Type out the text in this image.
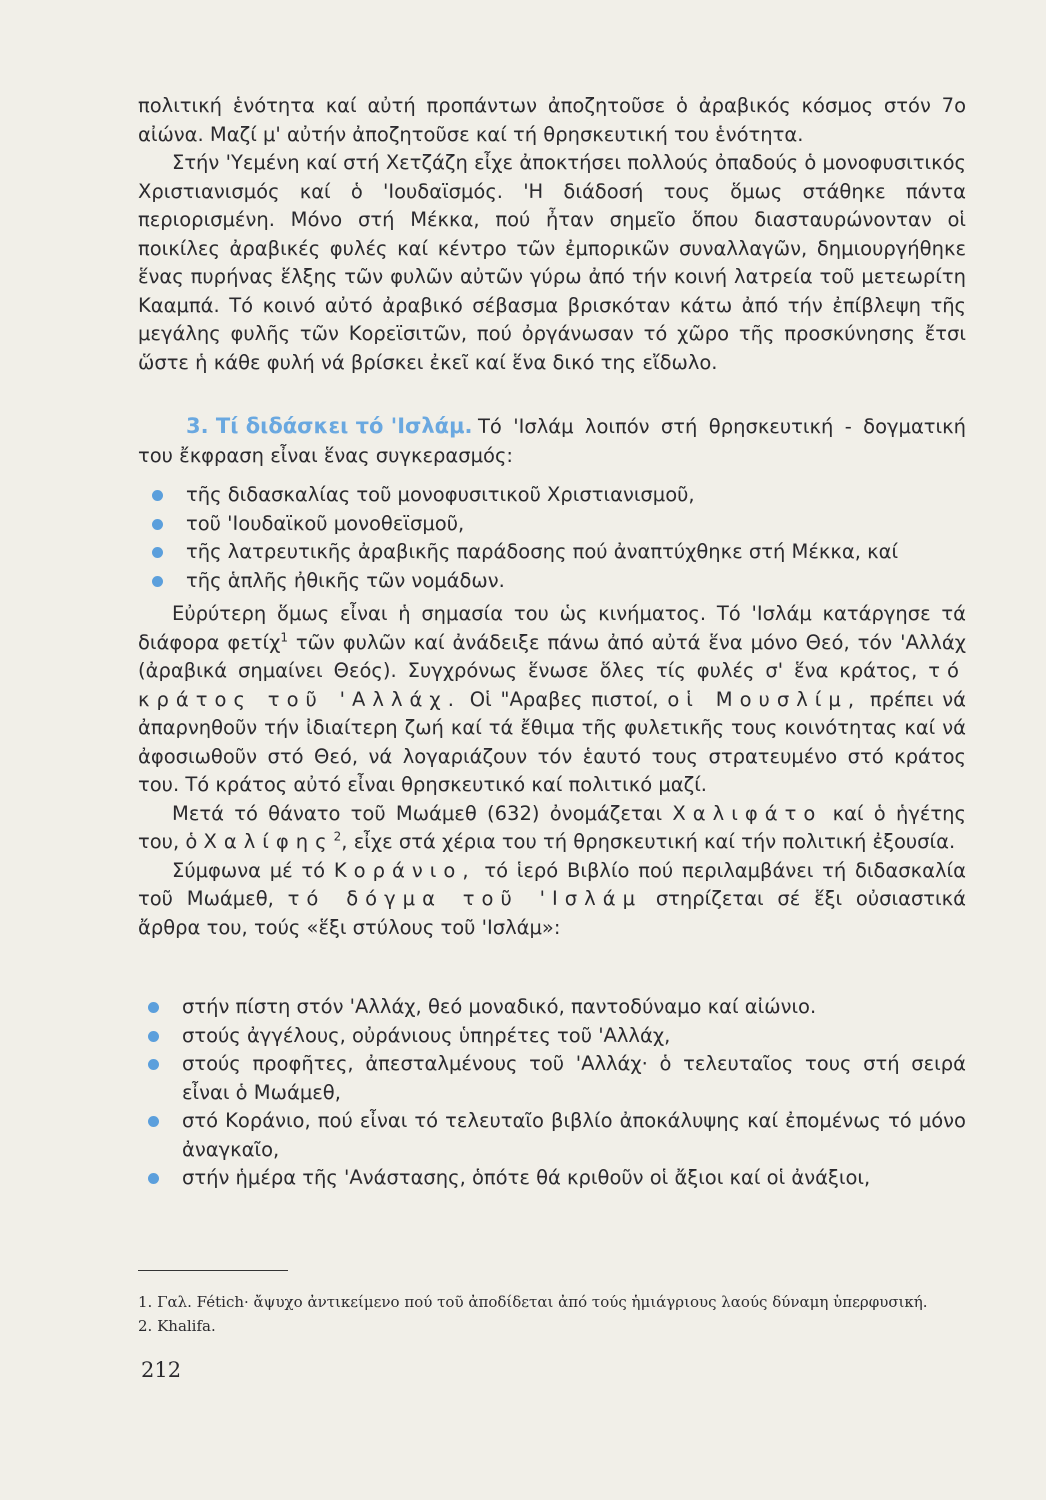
πολιτική ἑνότητα καί αὐτή προπάντων ἀποζητοῦσε ὁ ἀραβικός κόσμος στόν 7ο αἰώνα. Μαζί μ' αὐτήν ἀποζητοῦσε καί τή θρησκευτική του ἑνότητα.

Στήν 'Υεμένη καί στή Χετζάζη εἶχε ἀποκτήσει πολλούς ὀπαδούς ὁ μονοφυσιτικός Χριστιανισμός καί ὁ 'Ιουδαϊσμός. 'Η διάδοσή τους ὅμως στάθηκε πάντα περιορισμένη. Μόνο στή Μέκκα, πού ἦταν σημεῖο ὅπου διασταυρώνονταν οἱ ποικίλες ἀραβικές φυλές καί κέντρο τῶν ἐμπορικῶν συναλλαγῶν, δημιουργήθηκε ἕνας πυρήνας ἕλξης τῶν φυλῶν αὐτῶν γύρω ἀπό τήν κοινή λατρεία τοῦ μετεωρίτη Κααμπά. Τό κοινό αὐτό ἀραβικό σέβασμα βρισκόταν κάτω ἀπό τήν ἐπίβλεψη τῆς μεγάλης φυλῆς τῶν Κορεϊσιτῶν, πού ὀργάνωσαν τό χῶρο τῆς προσκύνησης ἔτσι ὥστε ἡ κάθε φυλή νά βρίσκει ἐκεῖ καί ἕνα δικό της εἴδωλο.

3. Τί διδάσκει τό 'Ισλάμ. Τό 'Ισλάμ λοιπόν στή θρησκευτική - δογματική του ἔκφραση εἶναι ἕνας συγκερασμός:

τῆς διδασκαλίας τοῦ μονοφυσιτικοῦ Χριστιανισμοῦ,
τοῦ 'Ιουδαϊκοῦ μονοθεϊσμοῦ,
τῆς λατρευτικῆς ἀραβικῆς παράδοσης πού ἀναπτύχθηκε στή Μέκκα, καί
τῆς ἁπλῆς ἠθικῆς τῶν νομάδων.

Εὐρύτερη ὅμως εἶναι ἡ σημασία του ὡς κινήματος. Τό 'Ισλάμ κατάργησε τά διάφορα φετίχ$^1$ τῶν φυλῶν καί ἀνάδειξε πάνω ἀπό αὐτά ἕνα μόνο Θεό, τόν 'Αλλάχ (ἀραβικά σημαίνει Θεός). Συγχρόνως ἕνωσε ὅλες τίς φυλές σ' ἕνα κράτος, τό κράτος τοῦ 'Αλλάχ. Οἱ "Αραβες πιστοί, οἱ Μουσλίμ, πρέπει νά ἀπαρνηθοῦν τήν ἰδιαίτερη ζωή καί τά ἔθιμα τῆς φυλετικῆς τους κοινότητας καί νά ἀφοσιωθοῦν στό Θεό, νά λογαριάζουν τόν ἑαυτό τους στρατευμένο στό κράτος του. Τό κράτος αὐτό εἶναι θρησκευτικό καί πολιτικό μαζί.

Μετά τό θάνατο τοῦ Μωάμεθ (632) ὀνομάζεται Χαλιφάτο καί ὁ ἡγέτης του, ὁ Χαλίφης$^2$, εἶχε στά χέρια του τή θρησκευτική καί τήν πολιτική ἐξουσία.

Σύμφωνα μέ τό Κοράνιο, τό ἱερό Βιβλίο πού περιλαμβάνει τή διδασκαλία τοῦ Μωάμεθ, τό δόγμα τοῦ 'Ισλάμ στηρίζεται σέ ἕξι οὐσιαστικά ἄρθρα του, τούς «ἕξι στύλους τοῦ 'Ισλάμ»:

στήν πίστη στόν 'Αλλάχ, θεό μοναδικό, παντοδύναμο καί αἰώνιο.
στούς ἀγγέλους, οὐράνιους ὑπηρέτες τοῦ 'Αλλάχ,
στούς προφῆτες, ἀπεσταλμένους τοῦ 'Αλλάχ· ὁ τελευταῖος τους στή σειρά εἶναι ὁ Μωάμεθ,
στό Κοράνιο, πού εἶναι τό τελευταῖο βιβλίο ἀποκάλυψης καί ἐπομένως τό μόνο ἀναγκαῖο,
στήν ἡμέρα τῆς 'Ανάστασης, ὁπότε θά κριθοῦν οἱ ἄξιοι καί οἱ ἀνάξιοι,

1. Γαλ. Fétich· ἄψυχο ἀντικείμενο πού τοῦ ἀποδίδεται ἀπό τούς ἡμιάγριους λαούς δύναμη ὑπερφυσική.

2. Khalifa.

212
